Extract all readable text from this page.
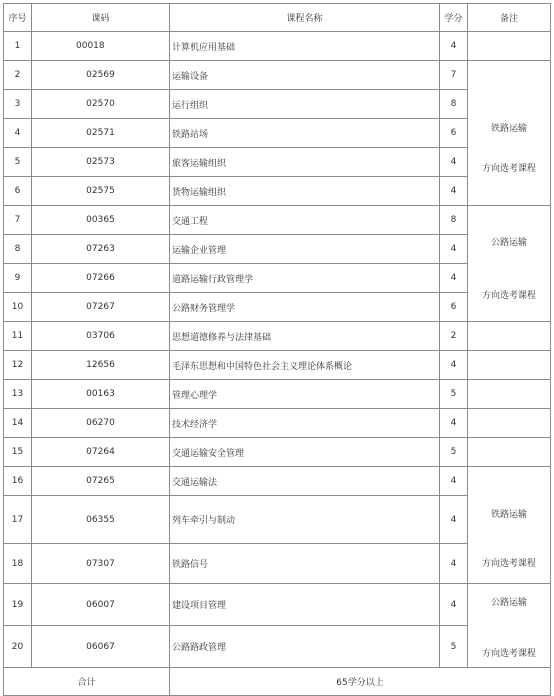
序号	课码	课程名称	学分	备注
1	00018	计算机应用基础	4	
2	02569	运输设备	7	铁路运输
方向选考课程

3	02570	运行组织	8	
4	02571	铁路站场	6	
5	02573	旅客运输组织	4	
6	02575	货物运输组织	4	
7	00365	交通工程	8	公路运输
方向选考课程

8	07263	运输企业管理	4	
9	07266	道路运输行政管理学	4	
10	07267	公路财务管理学	6	
11	03706	思想道德修养与法律基础	2	
12	12656	毛泽东思想和中国特色社会主义理论体系概论	4	
13	00163	管理心理学	5	
14	06270	技术经济学	4	
15	07264	交通运输安全管理	5	
16	07265	交通运输法	4	铁路运输
方向选考课程

17	06355	列车牵引与制动	4	
18	07307	铁路信号	4	
19	06007	建设项目管理	4	公路运输
方向选考课程

20	06067	公路路政管理	5	
合计		65学分以上		
